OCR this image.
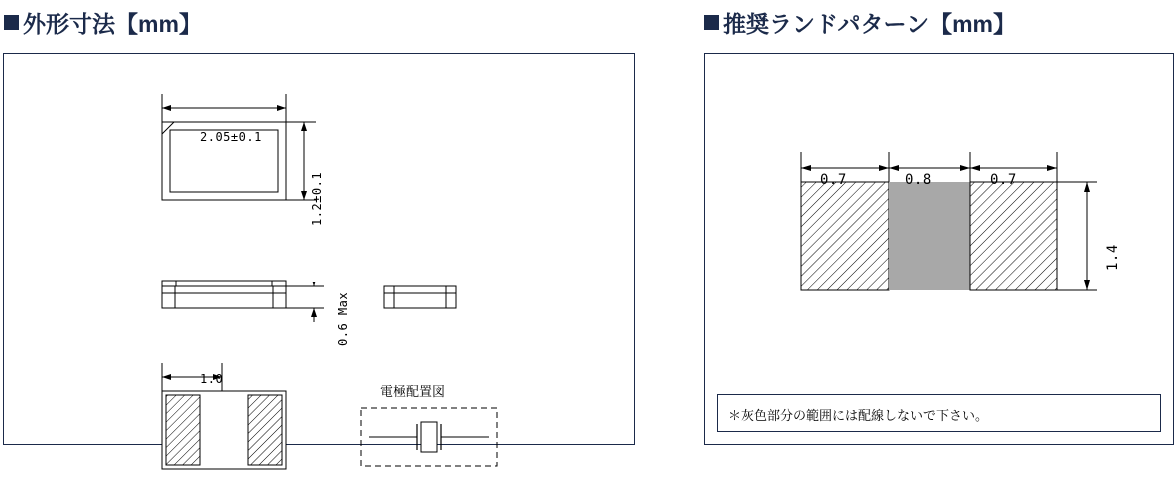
外形寸法【mm】	推奨ランドパターン【mm】
2.05±0.1
1.2±0.1
0.6 Max
1.0
電極配置図
0.7	0.8	0.7
1.4
＊灰色部分の範囲には配線しないで下さい。
